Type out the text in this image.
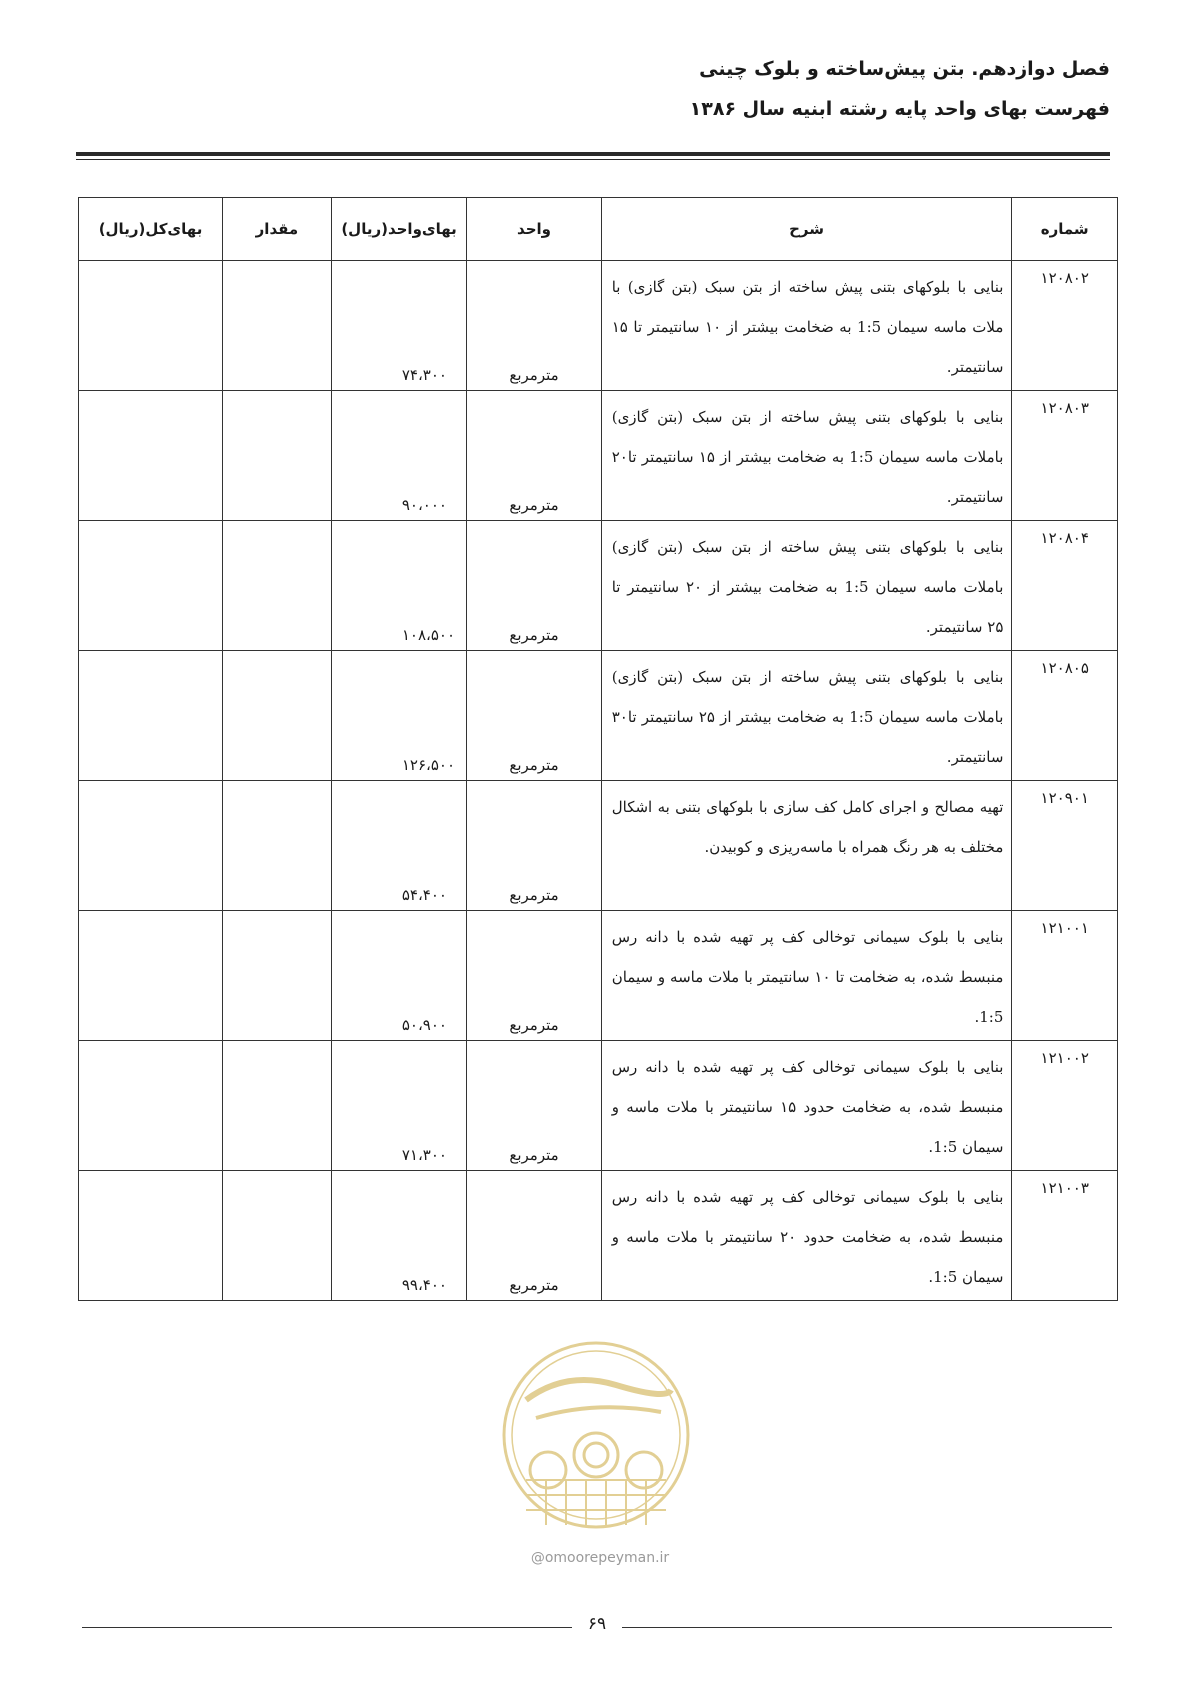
فصل دوازدهم. بتن پیش‌ساخته و بلوک چینی
فهرست بهای واحد پایه رشته ابنیه سال ۱۳۸۶
شماره	شرح	واحد	بهای‌واحد(ریال)	مقدار	بهای‌کل(ریال)
۱۲۰۸۰۲	بنایی با بلوکهای بتنی پیش ساخته از بتن سبک (بتن گازی) با ملات ماسه سیمان 1:5 به ضخامت بیشتر از ۱۰ سانتیمتر تا ۱۵ سانتیمتر.	مترمربع	۷۴،۳۰۰		
۱۲۰۸۰۳	بنایی با بلوکهای بتنی پیش ساخته از بتن سبک (بتن گازی) باملات ماسه سیمان 1:5 به ضخامت بیشتر از ۱۵ سانتیمتر تا۲۰ سانتیمتر.	مترمربع	۹۰،۰۰۰		
۱۲۰۸۰۴	بنایی با بلوکهای بتنی پیش ساخته از بتن سبک (بتن گازی) باملات ماسه سیمان 1:5 به ضخامت بیشتر از ۲۰ سانتیمتر تا ۲۵ سانتیمتر.	مترمربع	۱۰۸،۵۰۰		
۱۲۰۸۰۵	بنایی با بلوکهای بتنی پیش ساخته از بتن سبک (بتن گازی) باملات ماسه سیمان 1:5 به ضخامت بیشتر از ۲۵ سانتیمتر تا۳۰ سانتیمتر.	مترمربع	۱۲۶،۵۰۰		
۱۲۰۹۰۱	تهیه مصالح و اجرای کامل کف سازی با بلوکهای بتنی به اشکال مختلف به هر رنگ همراه با ماسه‌ریزی و کوبیدن.	مترمربع	۵۴،۴۰۰		
۱۲۱۰۰۱	بنایی با بلوک سیمانی توخالی کف پر تهیه شده با دانه رس منبسط شده، به ضخامت تا ۱۰ سانتیمتر با ملات ماسه و سیمان 1:5.	مترمربع	۵۰،۹۰۰		
۱۲۱۰۰۲	بنایی با بلوک سیمانی توخالی کف پر تهیه شده با دانه رس منبسط شده، به ضخامت حدود ۱۵ سانتیمتر با ملات ماسه و سیمان 1:5.	مترمربع	۷۱،۳۰۰		
۱۲۱۰۰۳	بنایی با بلوک سیمانی توخالی کف پر تهیه شده با دانه رس منبسط شده، به ضخامت حدود ۲۰ سانتیمتر با ملات ماسه و سیمان 1:5.	مترمربع	۹۹،۴۰۰		
@omoorepeyman.ir
۶۹
